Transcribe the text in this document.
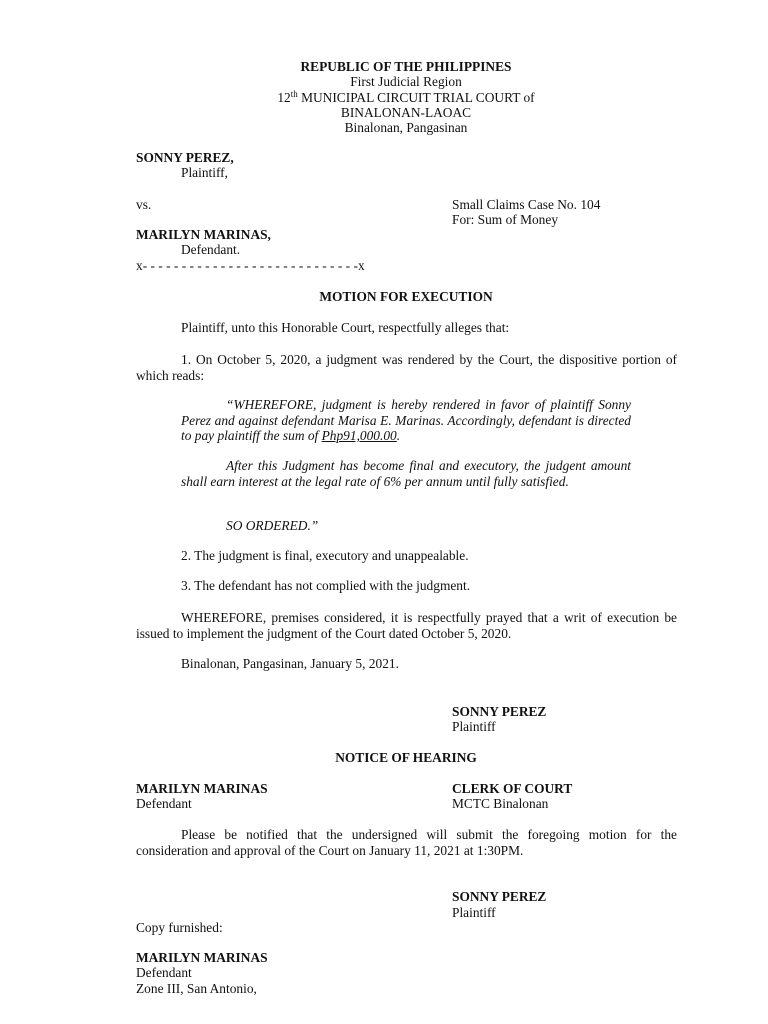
REPUBLIC OF THE PHILIPPINES
First Judicial Region
12th MUNICIPAL CIRCUIT TRIAL COURT of
BINALONAN-LAOAC
Binalonan, Pangasinan
SONNY PEREZ,
Plaintiff,
vs.	Small Claims Case No. 104
For: Sum of Money
MARILYN MARINAS,
Defendant.
x- - - - - - - - - - - - - - - - - - - - - - - - - - - -x
MOTION FOR EXECUTION
Plaintiff, unto this Honorable Court, respectfully alleges that:
1. On October 5, 2020, a judgment was rendered by the Court, the dispositive portion of which reads:
“WHEREFORE, judgment is hereby rendered in favor of plaintiff Sonny Perez and against defendant Marisa E. Marinas. Accordingly, defendant is directed to pay plaintiff the sum of Php91,000.00.
After this Judgment has become final and executory, the judgent amount shall earn interest at the legal rate of 6% per annum until fully satisfied.
SO ORDERED.”
2. The judgment is final, executory and unappealable.
3. The defendant has not complied with the judgment.
WHEREFORE, premises considered, it is respectfully prayed that a writ of execution be issued to implement the judgment of the Court dated October 5, 2020.
Binalonan, Pangasinan, January 5, 2021.
SONNY PEREZ
Plaintiff
NOTICE OF HEARING
MARILYN MARINAS
Defendant
CLERK OF COURT
MCTC Binalonan
Please be notified that the undersigned will submit the foregoing motion for the consideration and approval of the Court on January 11, 2021 at 1:30PM.
SONNY PEREZ
Plaintiff
Copy furnished:
MARILYN MARINAS
Defendant
Zone III, San Antonio,
